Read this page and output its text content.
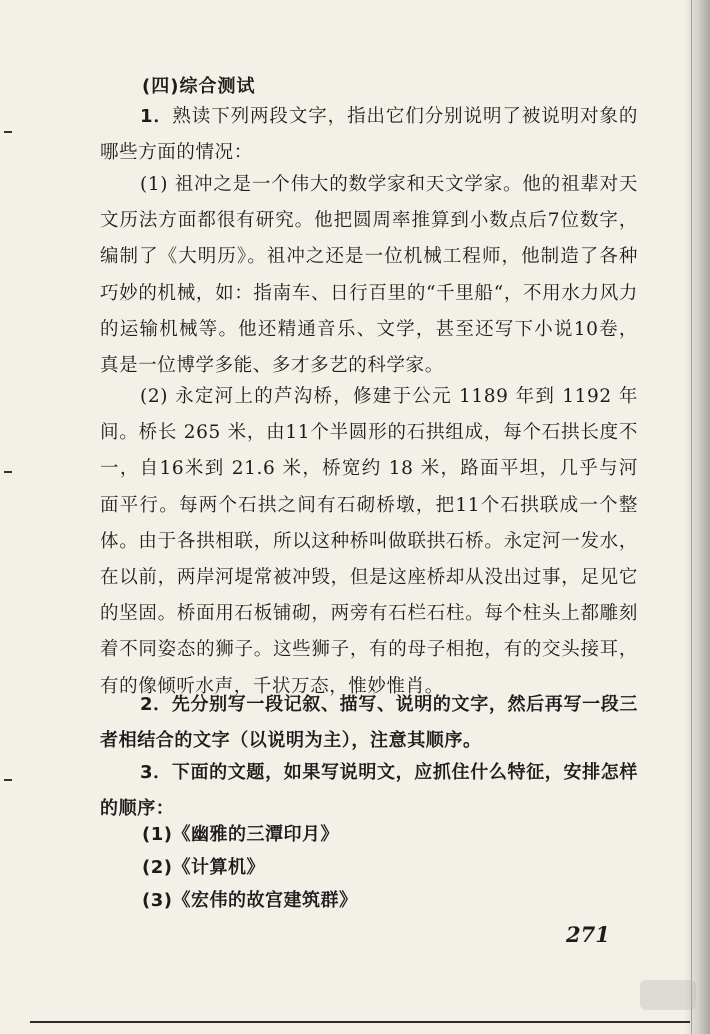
(四)综合测试

1．熟读下列两段文字，指出它们分别说明了被说明对象的哪些方面的情况：

(1) 祖冲之是一个伟大的数学家和天文学家。他的祖辈对天文历法方面都很有研究。他把圆周率推算到小数点后7位数字，编制了《大明历》。祖冲之还是一位机械工程师，他制造了各种巧妙的机械，如：指南车、日行百里的“千里船“，不用水力风力的运输机械等。他还精通音乐、文学，甚至还写下小说10卷，真是一位博学多能、多才多艺的科学家。

(2) 永定河上的芦沟桥，修建于公元 1189 年到 1192 年间。桥长 265 米，由11个半圆形的石拱组成，每个石拱长度不一，自16米到 21.6 米，桥宽约 18 米，路面平坦，几乎与河面平行。每两个石拱之间有石砌桥墩，把11个石拱联成一个整体。由于各拱相联，所以这种桥叫做联拱石桥。永定河一发水，在以前，两岸河堤常被冲毁，但是这座桥却从没出过事，足见它的坚固。桥面用石板铺砌，两旁有石栏石柱。每个柱头上都雕刻着不同姿态的狮子。这些狮子，有的母子相抱，有的交头接耳，有的像倾听水声，千状万态，惟妙惟肖。

2．先分别写一段记叙、描写、说明的文字，然后再写一段三者相结合的文字（以说明为主），注意其顺序。

3．下面的文题，如果写说明文，应抓住什么特征，安排怎样的顺序：

(1)《幽雅的三潭印月》
(2)《计算机》
(3)《宏伟的故宫建筑群》
271
